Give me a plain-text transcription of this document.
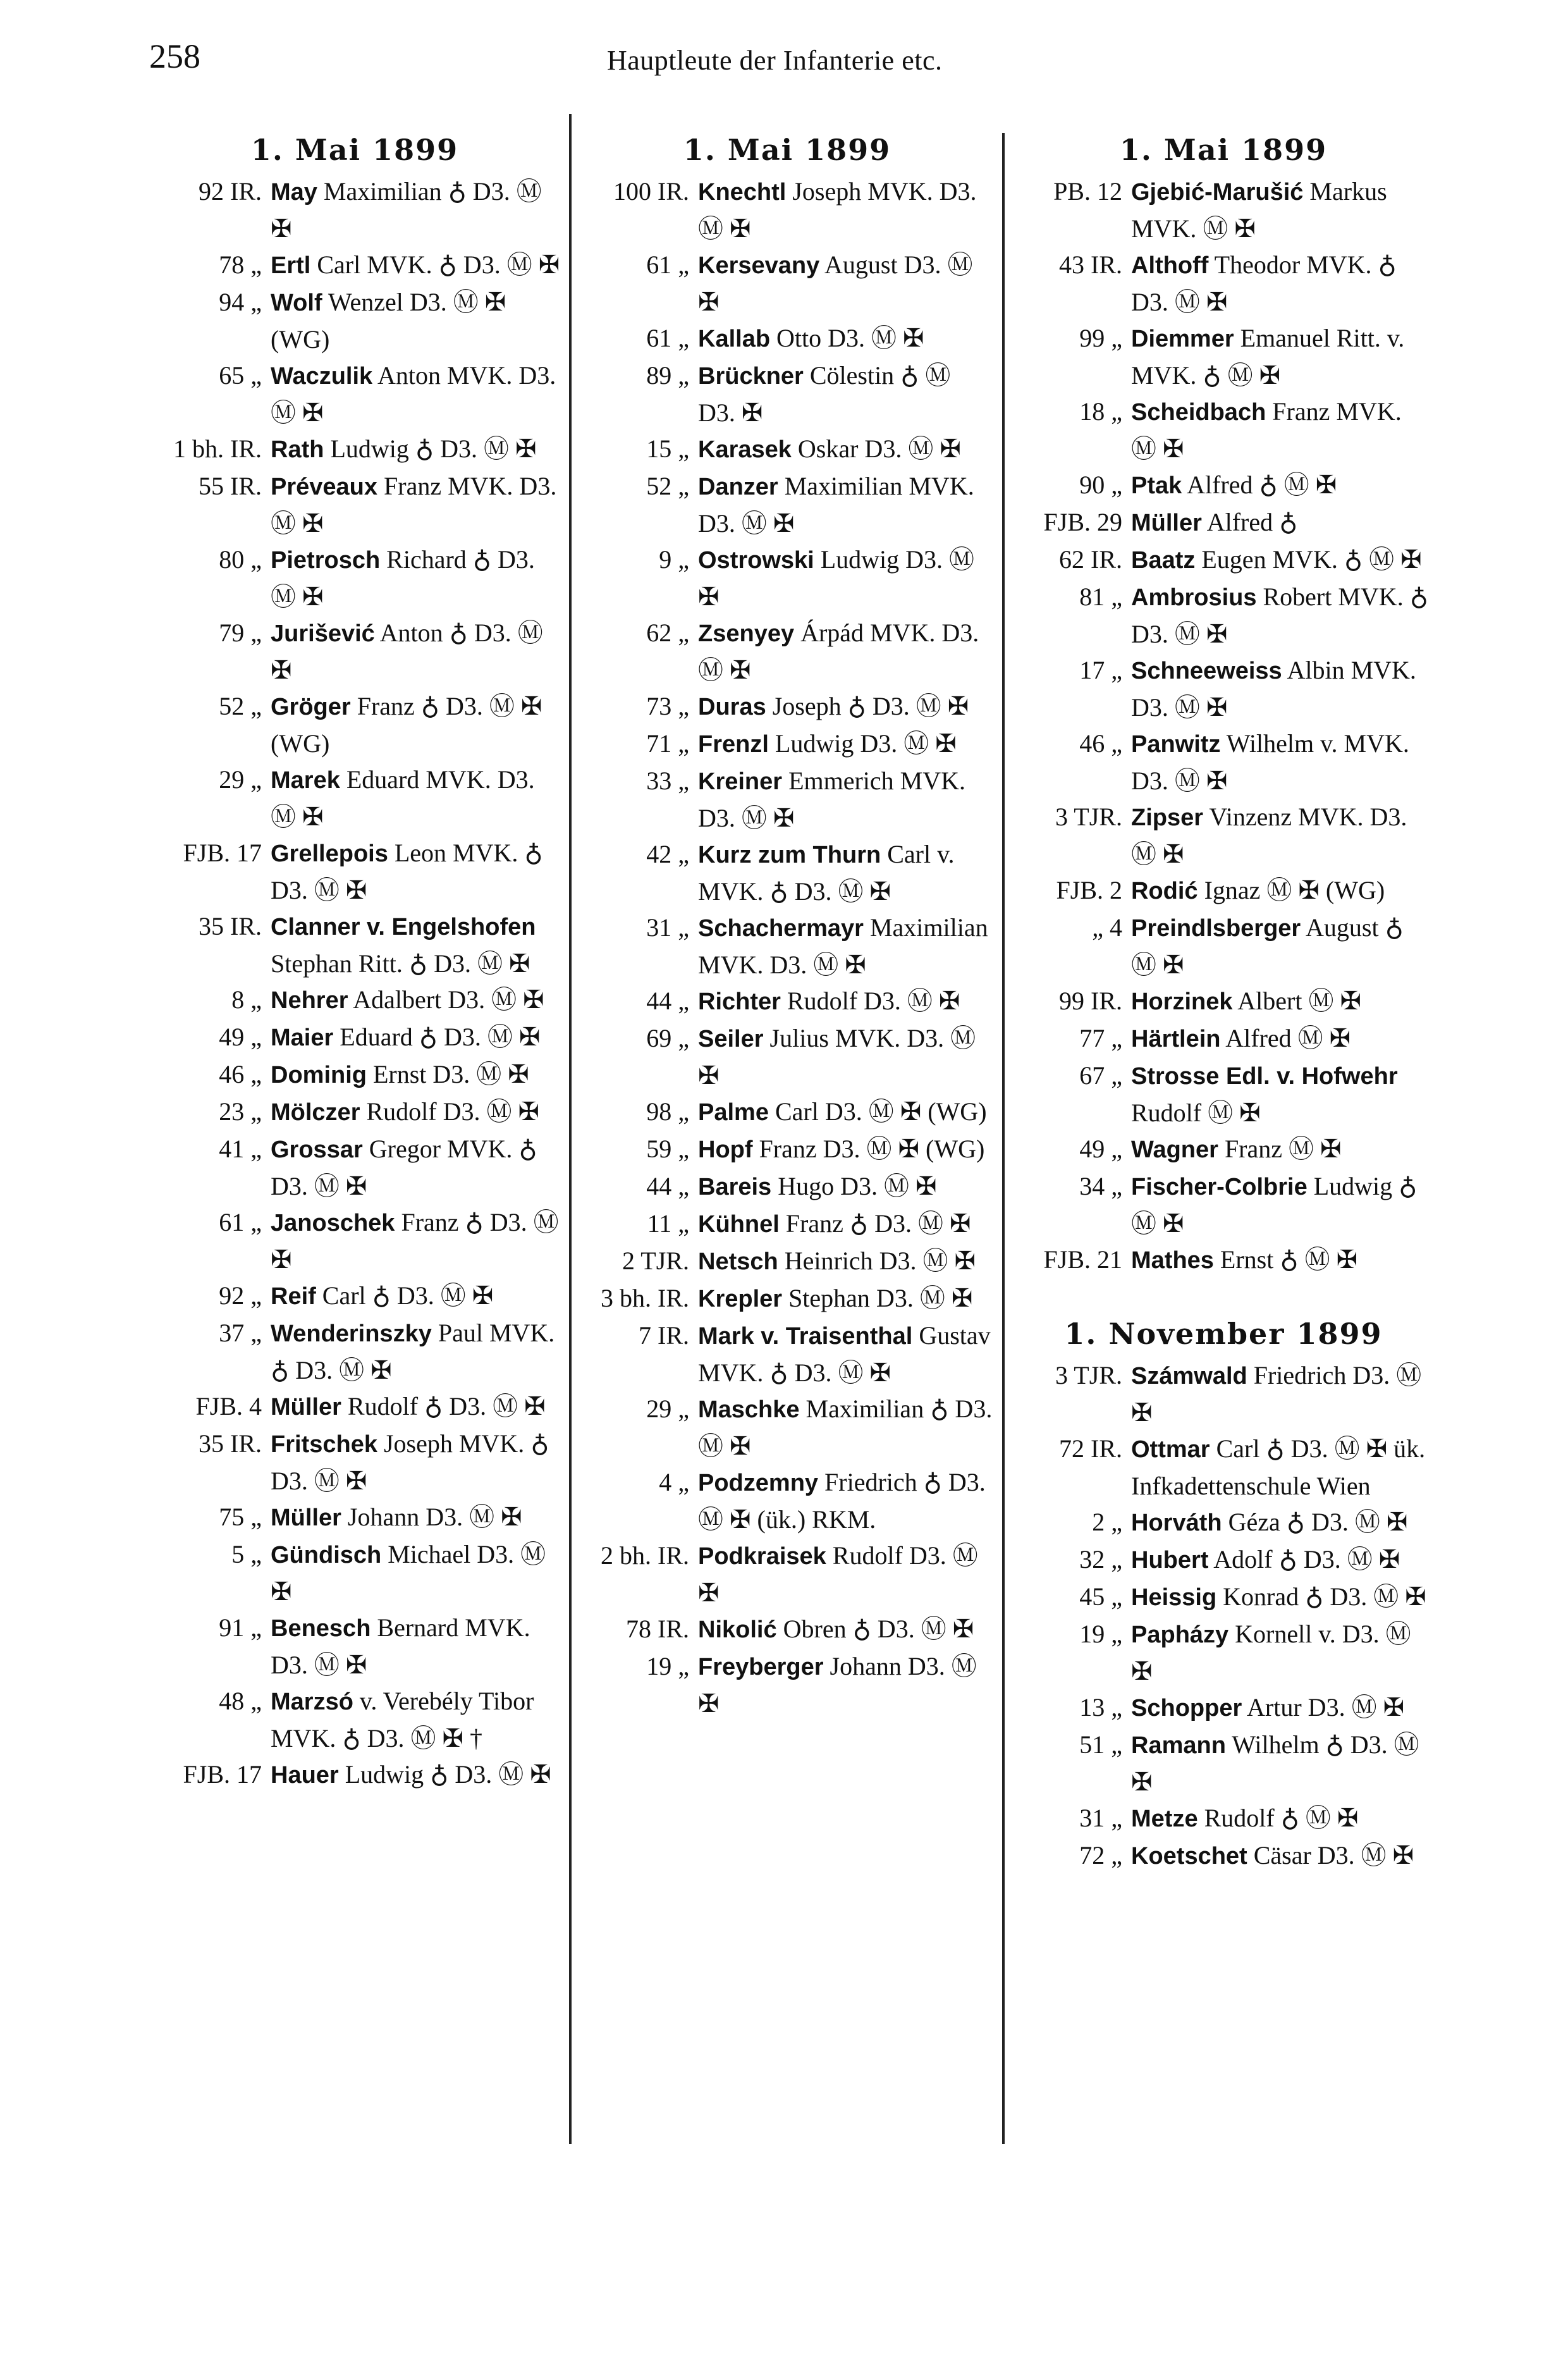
258	Hauptleute der Infanterie etc.
1. Mai 1899
92 IR. May Maximilian ♁ D3. Ⓜ ✠
78 „ Ertl Carl MVK. ♁ D3. Ⓜ ✠
94 „ Wolf Wenzel D3. Ⓜ ✠ (WG)
65 „ Waczulik Anton MVK. D3. Ⓜ ✠
1 bh. IR. Rath Ludwig ♁ D3. Ⓜ ✠
55 IR. Préveaux Franz MVK. D3. Ⓜ ✠
80 „ Pietrosch Richard ♁ D3. Ⓜ ✠
79 „ Jurišević Anton ♁ D3. Ⓜ ✠
52 „ Gröger Franz ♁ D3. Ⓜ ✠ (WG)
29 „ Marek Eduard MVK. D3. Ⓜ ✠
FJB. 17 Grellepois Leon MVK. ♁ D3. Ⓜ ✠
35 IR. Clanner v. Engelshofen Stephan Ritt. ♁ D3. Ⓜ ✠
8 „ Nehrer Adalbert D3. Ⓜ ✠
49 „ Maier Eduard ♁ D3. Ⓜ ✠
46 „ Dominig Ernst D3. Ⓜ ✠
23 „ Mölczer Rudolf D3. Ⓜ ✠
41 „ Grossar Gregor MVK. ♁ D3. Ⓜ ✠
61 „ Janoschek Franz ♁ D3. Ⓜ ✠
92 „ Reif Carl ♁ D3. Ⓜ ✠
37 „ Wenderinszky Paul MVK. ♁ D3. Ⓜ ✠
FJB. 4 Müller Rudolf ♁ D3. Ⓜ ✠
35 IR. Fritschek Joseph MVK. ♁ D3. Ⓜ ✠
75 „ Müller Johann D3. Ⓜ ✠
5 „ Gündisch Michael D3. Ⓜ ✠
91 „ Benesch Bernard MVK. D3. Ⓜ ✠
48 „ Marzsó v. Verebély Tibor MVK. ♁ D3. Ⓜ ✠ †
FJB. 17 Hauer Ludwig ♁ D3. Ⓜ ✠
1. Mai 1899
100 IR. Knechtl Joseph MVK. D3. Ⓜ ✠
61 „ Kersevany August D3. Ⓜ ✠
61 „ Kallab Otto D3. Ⓜ ✠
89 „ Brückner Cölestin ♁ Ⓜ D3. ✠
15 „ Karasek Oskar D3. Ⓜ ✠
52 „ Danzer Maximilian MVK. D3. Ⓜ ✠
9 „ Ostrowski Ludwig D3. Ⓜ ✠
62 „ Zsenyey Árpád MVK. D3. Ⓜ ✠
73 „ Duras Joseph ♁ D3. Ⓜ ✠
71 „ Frenzl Ludwig D3. Ⓜ ✠
33 „ Kreiner Emmerich MVK. D3. Ⓜ ✠
42 „ Kurz zum Thurn Carl v. MVK. ♁ D3. Ⓜ ✠
31 „ Schachermayr Maximilian MVK. D3. Ⓜ ✠
44 „ Richter Rudolf D3. Ⓜ ✠
69 „ Seiler Julius MVK. D3. Ⓜ ✠
98 „ Palme Carl D3. Ⓜ ✠ (WG)
59 „ Hopf Franz D3. Ⓜ ✠ (WG)
44 „ Bareis Hugo D3. Ⓜ ✠
11 „ Kühnel Franz ♁ D3. Ⓜ ✠
2 TJR. Netsch Heinrich D3. Ⓜ ✠
3 bh. IR. Krepler Stephan D3. Ⓜ ✠
7 IR. Mark v. Traisenthal Gustav MVK. ♁ D3. Ⓜ ✠
29 „ Maschke Maximilian ♁ D3. Ⓜ ✠
4 „ Podzemny Friedrich ♁ D3. Ⓜ ✠ (ük.) RKM.
2 bh. IR. Podkraisek Rudolf D3. Ⓜ ✠
78 IR. Nikolić Obren ♁ D3. Ⓜ ✠
19 „ Freyberger Johann D3. Ⓜ ✠
1. Mai 1899
PB. 12 Gjebić-Marušić Markus MVK. Ⓜ ✠
43 IR. Althoff Theodor MVK. ♁ D3. Ⓜ ✠
99 „ Diemmer Emanuel Ritt. v. MVK. ♁ Ⓜ ✠
18 „ Scheidbach Franz MVK. Ⓜ ✠
90 „ Ptak Alfred ♁ Ⓜ ✠
FJB. 29 Müller Alfred ♁
62 IR. Baatz Eugen MVK. ♁ Ⓜ ✠
81 „ Ambrosius Robert MVK. ♁ D3. Ⓜ ✠
17 „ Schneeweiss Albin MVK. D3. Ⓜ ✠
46 „ Panwitz Wilhelm v. MVK. D3. Ⓜ ✠
3 TJR. Zipser Vinzenz MVK. D3. Ⓜ ✠
FJB. 2 Rodić Ignaz Ⓜ ✠ (WG)
„ 4 Preindlsberger August ♁ Ⓜ ✠
99 IR. Horzinek Albert Ⓜ ✠
77 „ Härtlein Alfred Ⓜ ✠
67 „ Strosse Edl. v. Hofwehr Rudolf Ⓜ ✠
49 „ Wagner Franz Ⓜ ✠
34 „ Fischer-Colbrie Ludwig ♁ Ⓜ ✠
FJB. 21 Mathes Ernst ♁ Ⓜ ✠
1. November 1899
3 TJR. Számwald Friedrich D3. Ⓜ ✠
72 IR. Ottmar Carl ♁ D3. Ⓜ ✠ ük. Infkadettenschule Wien
2 „ Horváth Géza ♁ D3. Ⓜ ✠
32 „ Hubert Adolf ♁ D3. Ⓜ ✠
45 „ Heissig Konrad ♁ D3. Ⓜ ✠
19 „ Papházy Kornell v. D3. Ⓜ ✠
13 „ Schopper Artur D3. Ⓜ ✠
51 „ Ramann Wilhelm ♁ D3. Ⓜ ✠
31 „ Metze Rudolf ♁ Ⓜ ✠
72 „ Koetschet Cäsar D3. Ⓜ ✠
